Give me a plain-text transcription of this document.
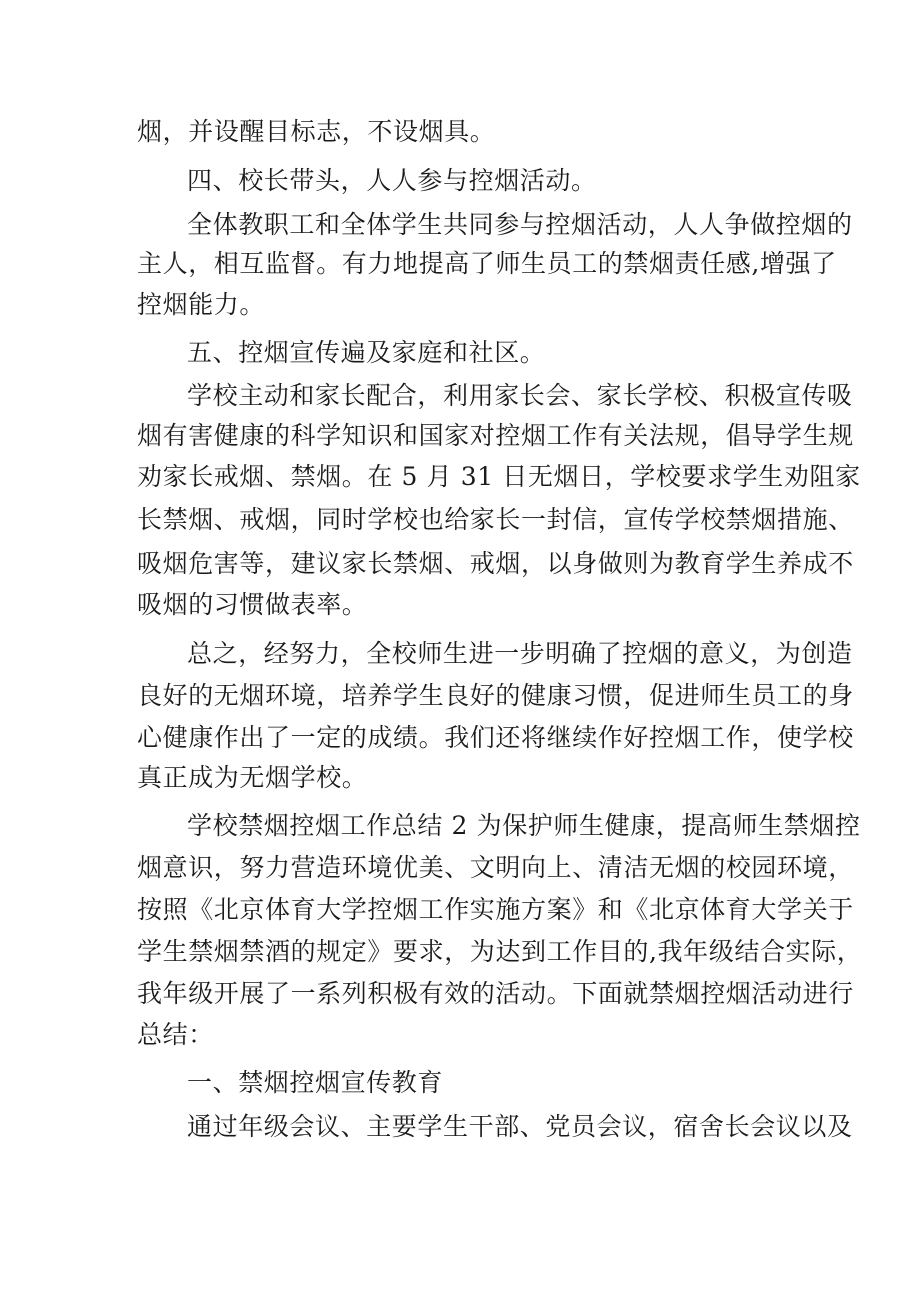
烟，并设醒目标志，不设烟具。
四、校长带头，人人参与控烟活动。
全体教职工和全体学生共同参与控烟活动，人人争做控烟的
主人，相互监督。有力地提高了师生员工的禁烟责任感,增强了
控烟能力。
五、控烟宣传遍及家庭和社区。
学校主动和家长配合，利用家长会、家长学校、积极宣传吸
烟有害健康的科学知识和国家对控烟工作有关法规，倡导学生规
劝家长戒烟、禁烟。在 5 月 31 日无烟日，学校要求学生劝阻家
长禁烟、戒烟，同时学校也给家长一封信，宣传学校禁烟措施、
吸烟危害等，建议家长禁烟、戒烟，以身做则为教育学生养成不
吸烟的习惯做表率。
总之，经努力，全校师生进一步明确了控烟的意义，为创造
良好的无烟环境，培养学生良好的健康习惯，促进师生员工的身
心健康作出了一定的成绩。我们还将继续作好控烟工作，使学校
真正成为无烟学校。
学校禁烟控烟工作总结 2 为保护师生健康，提高师生禁烟控
烟意识，努力营造环境优美、文明向上、清洁无烟的校园环境，
按照《北京体育大学控烟工作实施方案》和《北京体育大学关于
学生禁烟禁酒的规定》要求，为达到工作目的,我年级结合实际，
我年级开展了一系列积极有效的活动。下面就禁烟控烟活动进行
总结：
一、禁烟控烟宣传教育
通过年级会议、主要学生干部、党员会议，宿舍长会议以及
